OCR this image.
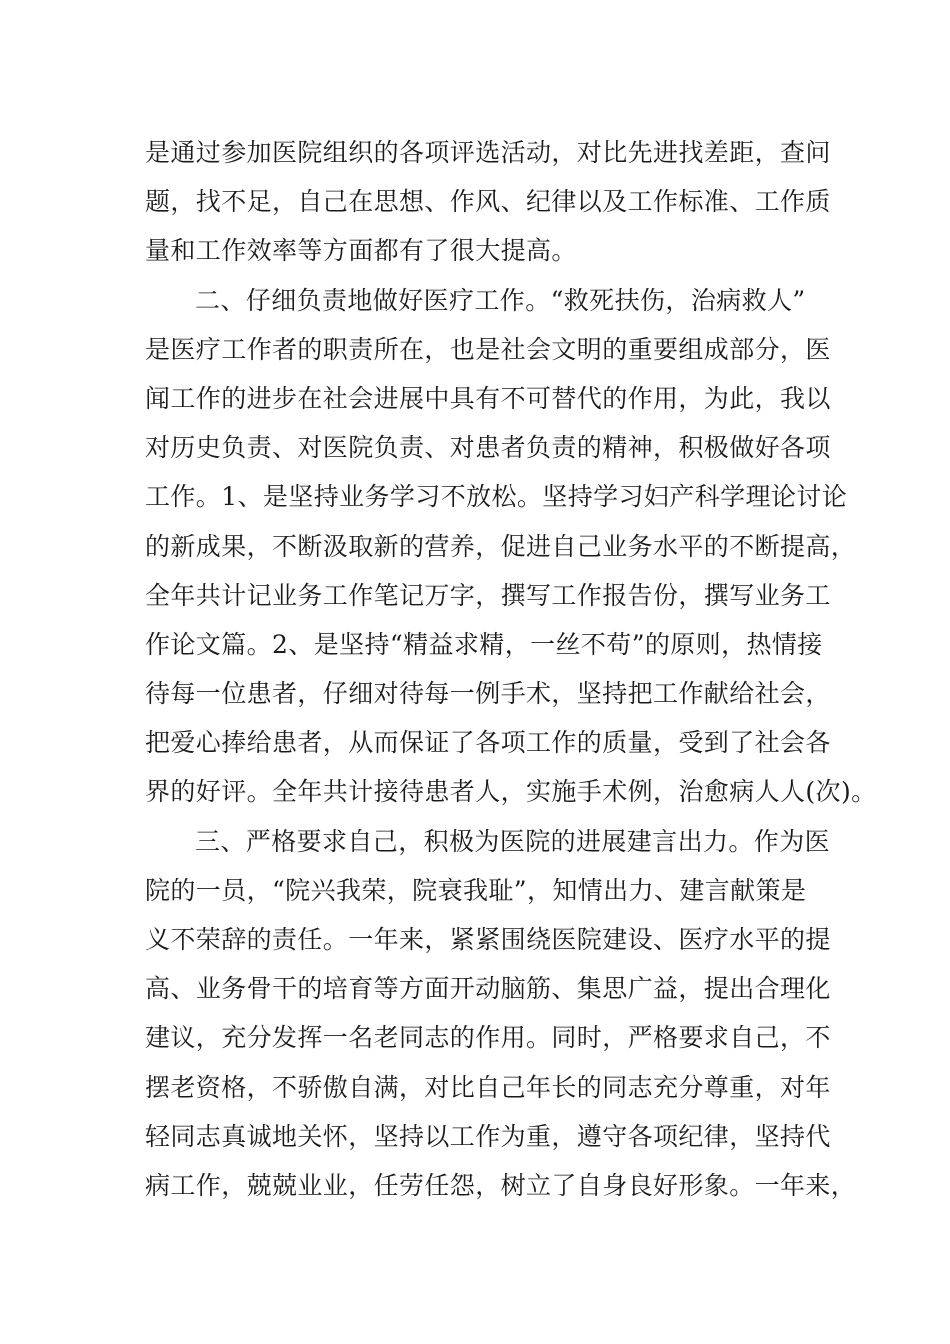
是通过参加医院组织的各项评选活动，对比先进找差距，查问
题，找不足，自己在思想、作风、纪律以及工作标准、工作质
量和工作效率等方面都有了很大提高。
二、仔细负责地做好医疗工作。“救死扶伤，治病救人”
是医疗工作者的职责所在，也是社会文明的重要组成部分，医
闻工作的进步在社会进展中具有不可替代的作用，为此，我以
对历史负责、对医院负责、对患者负责的精神，积极做好各项
工作。1、是坚持业务学习不放松。坚持学习妇产科学理论讨论
的新成果，不断汲取新的营养，促进自己业务水平的不断提高，
全年共计记业务工作笔记万字，撰写工作报告份，撰写业务工
作论文篇。2、是坚持“精益求精，一丝不苟”的原则，热情接
待每一位患者，仔细对待每一例手术，坚持把工作献给社会，
把爱心捧给患者，从而保证了各项工作的质量，受到了社会各
界的好评。全年共计接待患者人，实施手术例，治愈病人人(次)。
三、严格要求自己，积极为医院的进展建言出力。作为医
院的一员，“院兴我荣，院衰我耻”，知情出力、建言献策是
义不荣辞的责任。一年来，紧紧围绕医院建设、医疗水平的提
高、业务骨干的培育等方面开动脑筋、集思广益，提出合理化
建议，充分发挥一名老同志的作用。同时，严格要求自己，不
摆老资格，不骄傲自满，对比自己年长的同志充分尊重，对年
轻同志真诚地关怀，坚持以工作为重，遵守各项纪律，坚持代
病工作，兢兢业业，任劳任怨，树立了自身良好形象。一年来，
